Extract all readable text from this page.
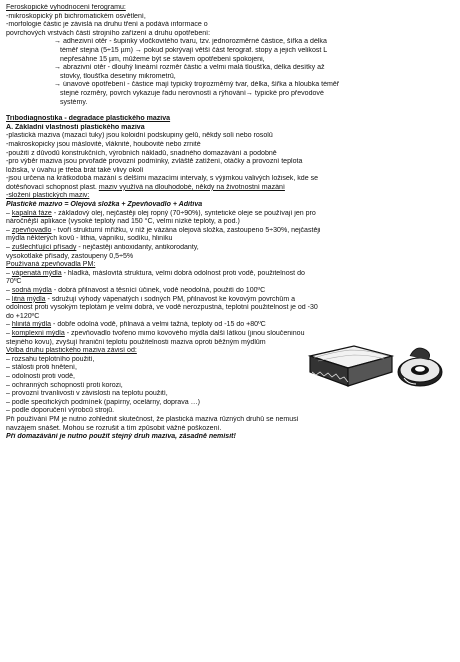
Feroskopické vyhodnocení ferogramu:
-mikroskopický při bichromatickém osvětlení,
-morfologie částic je závislá na druhu tření a podává informace o
povrchových vrstvách částí strojního zařízení a druhu opotřebení:
→ adhezivní otěr - šupinky vločkovitého tvaru, tzv. jednorozměrné částice, šířka a délka
téměř stejná (5÷15 µm) → pokud pokrývají větší část ferograf. stopy a jejich velikost L
nepřesáhne 15 µm, můžeme být se stavem opotřebení spokojeni,
→ abrazivní otěr - dlouhý lineární rozměr částic a velmi malá tloušťka, délka desítky až
stovky, tloušťka desetiny mikrometrů,
→ únavové opotřebení - částice mají typický trojrozměrný tvar, délka, šířka a hloubka téměř
stejné rozměry, povrch vykazuje řadu nerovností a rýhování→ typické pro převodové
systémy.
Tribodiagnostika - degradace plastického maziva
A. Základní vlastnosti plastického maziva
-plastická maziva (mazací tuky) jsou koloidní podskupiny gelů, někdy solí nebo rosolů
-makroskopicky jsou máslovité, vláknité, houbovité nebo zrnité
-použití z důvodů konstrukčních, výrobních nákladů, snadného domazávání a podobně
-pro výběr maziva jsou prvořadé provozní podmínky, zvláště zatížení, otáčky a provozní teplota
ložiska, v úvahu je třeba brát také vlivy okolí
-jsou určena na krátkodobá mazání s delšími mazacími intervaly, s výjimkou valivých ložisek, kde se
dotěsňovací schopnost plast. maziv využívá na dlouhodobé, někdy na životnostní mazání
-složení plastických maziv:
Plastické mazivo = Olejová složka + Zpevňovadlo + Aditiva
– kapalná fáze - základový olej, nejčastěji olej ropný (70÷90%), syntetické oleje se používají jen pro
náročnější aplikace (vysoké teploty nad 150 °C, velmi nízké teploty, a pod.)
– zpevňovadlo - tvoří strukturní mřížku, v níž je vázána olejová složka, zastoupeno 5÷30%, nejčastěji
mýdla některých kovů - lithia, vápníku, sodíku, hliníku
– zušlechťující přísady - nejčastěji antioxidanty, antikorodanty,
vysokotlaké přísady, zastoupeny 0,5÷5%
Používaná zpevňovadla PM:
– vápenatá mýdla - hladká, máslovitá struktura, velmi dobrá odolnost proti vodě, použitelnost do
70ºC
– sodná mýdla - dobrá přilnavost a těsnící účinek, vodě neodolná, použití do 100ºC
– litná mýdla - sdružují výhody vápenatých i sodných PM, přilnavost ke kovovým povrchům a
odolnost proti vysokým teplotám je velmi dobrá, ve vodě nerozpustná, teplotní použitelnost je od -30
do +120ºC
– hlinitá mýdla - dobře odolná vodě, přilnavá a velmi tažná, teploty od -15 do +80ºC
– komplexní mýdla - zpevňovadlo tvořeno mimo kovového mýdla další látkou (jinou sloučeninou
stejného kovu), zvyšují hraniční teplotu použitelnosti maziva oproti běžným mýdlům
Volba druhu plastického maziva závisí od:
– rozsahu teplotního použití,
– stálosti proti hnětení,
– odolnosti proti vodě,
– ochranných schopností proti korozi,
– provozní trvanlivosti v závislosti na teplotu použití,
– podle specifických podmínek (papírny, ocelárny, doprava …)
– podle doporučení výrobců strojů.
Při používání PM je nutno zohlednit skutečnost, že plastická maziva různých druhů se nemusí
navzájem snášet. Mohou se rozrušit a tím způsobit vážné poškození.
Při domazávání je nutno použít stejný druh maziva, zásadně nemísit!
